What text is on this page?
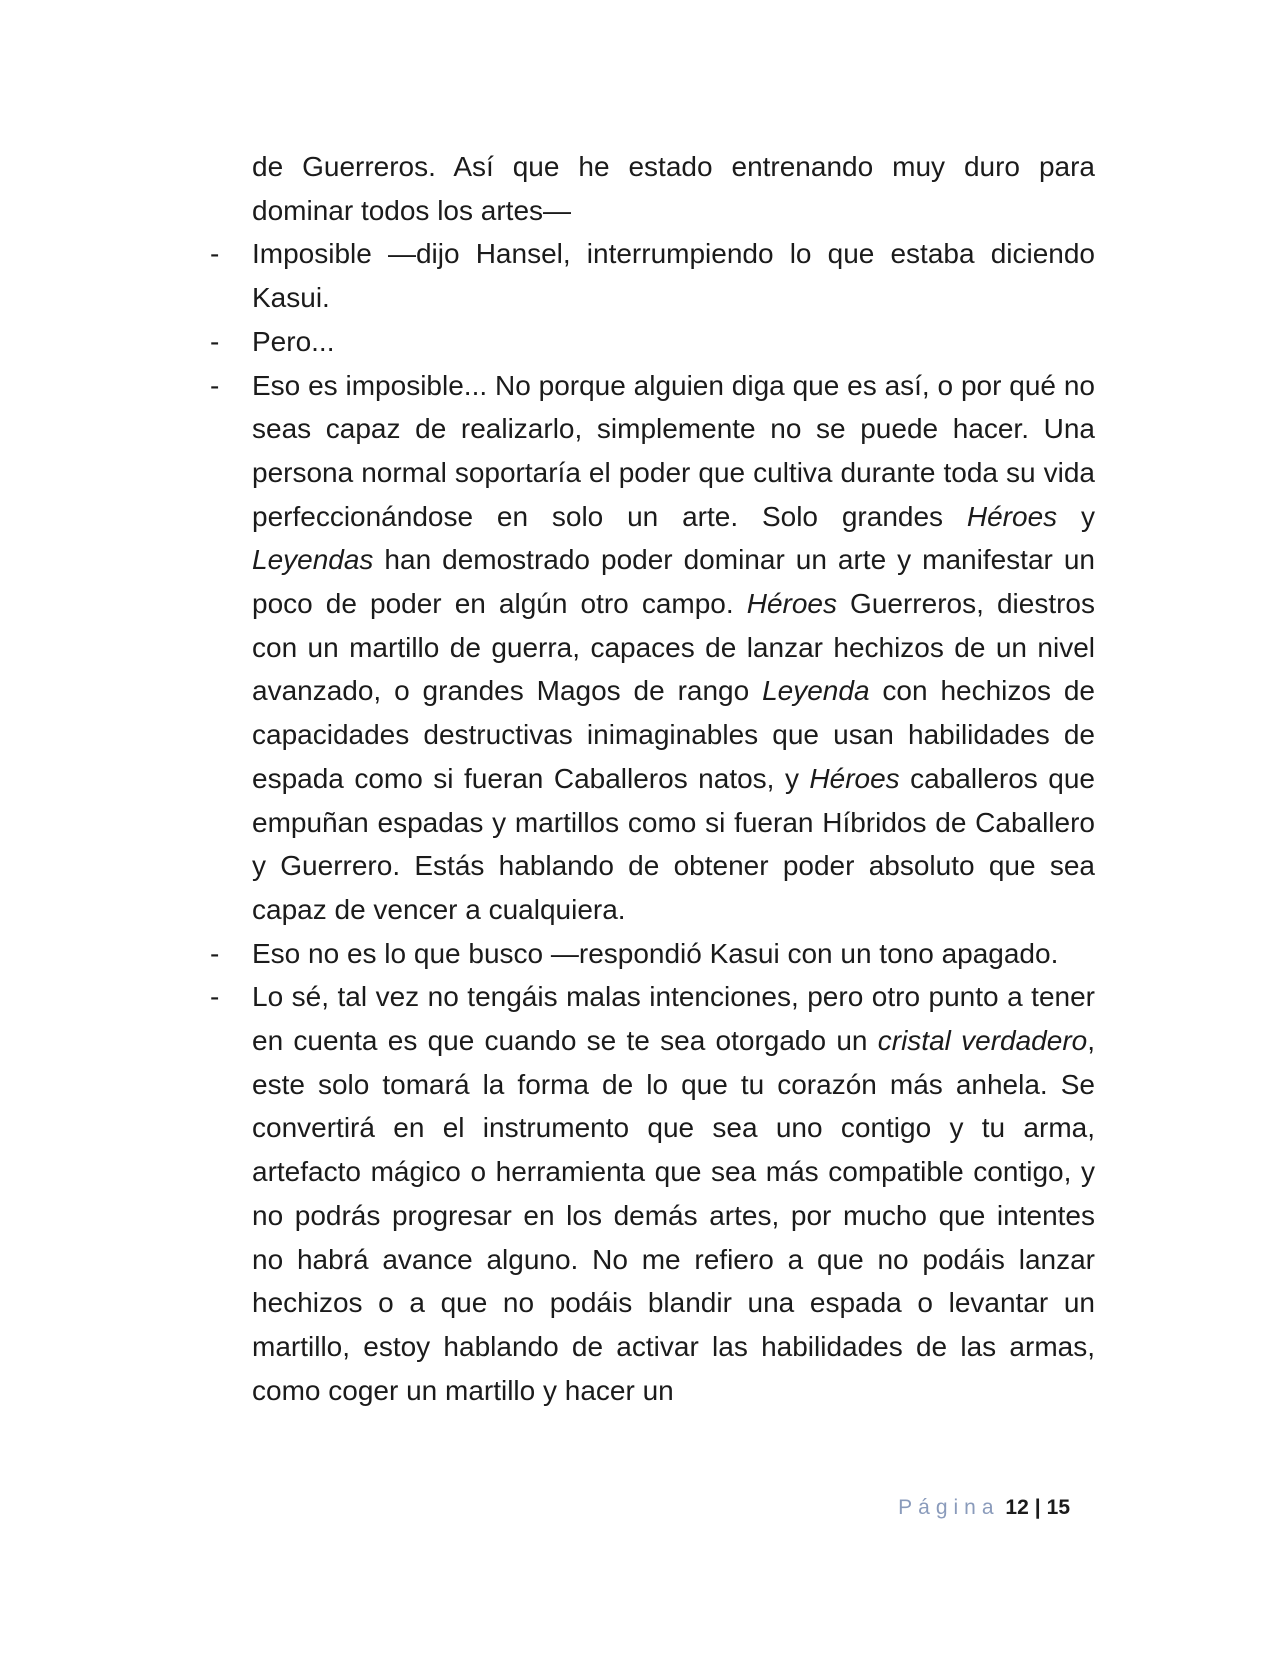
de Guerreros. Así que he estado entrenando muy duro para dominar todos los artes—

- Imposible —dijo Hansel, interrumpiendo lo que estaba diciendo Kasui.

- Pero...

- Eso es imposible... No porque alguien diga que es así, o por qué no seas capaz de realizarlo, simplemente no se puede hacer. Una persona normal soportaría el poder que cultiva durante toda su vida perfeccionándose en solo un arte. Solo grandes Héroes y Leyendas han demostrado poder dominar un arte y manifestar un poco de poder en algún otro campo. Héroes Guerreros, diestros con un martillo de guerra, capaces de lanzar hechizos de un nivel avanzado, o grandes Magos de rango Leyenda con hechizos de capacidades destructivas inimaginables que usan habilidades de espada como si fueran Caballeros natos, y Héroes caballeros que empuñan espadas y martillos como si fueran Híbridos de Caballero y Guerrero. Estás hablando de obtener poder absoluto que sea capaz de vencer a cualquiera.

- Eso no es lo que busco —respondió Kasui con un tono apagado.

- Lo sé, tal vez no tengáis malas intenciones, pero otro punto a tener en cuenta es que cuando se te sea otorgado un cristal verdadero, este solo tomará la forma de lo que tu corazón más anhela. Se convertirá en el instrumento que sea uno contigo y tu arma, artefacto mágico o herramienta que sea más compatible contigo, y no podrás progresar en los demás artes, por mucho que intentes no habrá avance alguno. No me refiero a que no podáis lanzar hechizos o a que no podáis blandir una espada o levantar un martillo, estoy hablando de activar las habilidades de las armas, como coger un martillo y hacer un

Página 12 | 15
